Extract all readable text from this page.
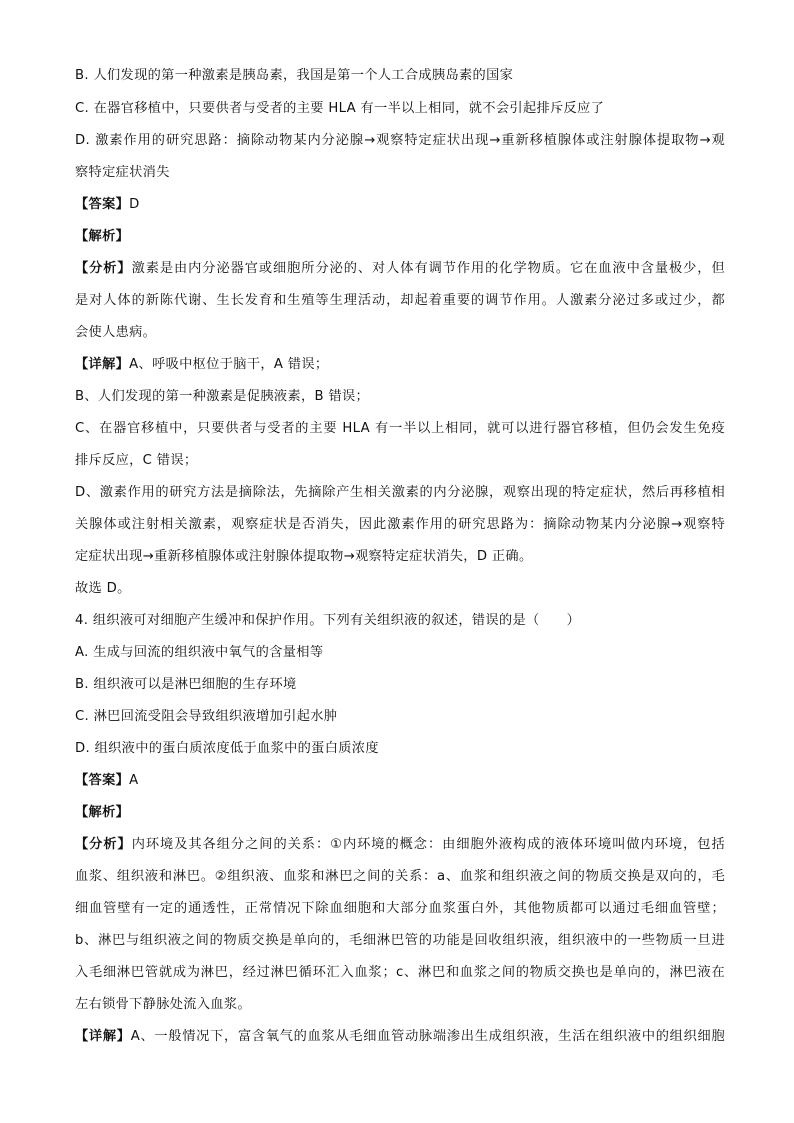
B. 人们发现的第一种激素是胰岛素，我国是第一个人工合成胰岛素的国家
C. 在器官移植中，只要供者与受者的主要 HLA 有一半以上相同，就不会引起排斥反应了
D. 激素作用的研究思路：摘除动物某内分泌腺→观察特定症状出现→重新移植腺体或注射腺体提取物→观
察特定症状消失
【答案】D
【解析】
【分析】激素是由内分泌器官或细胞所分泌的、对人体有调节作用的化学物质。它在血液中含量极少，但
是对人体的新陈代谢、生长发育和生殖等生理活动，却起着重要的调节作用。人激素分泌过多或过少，都
会使人患病。
【详解】A、呼吸中枢位于脑干，A 错误；
B、人们发现的第一种激素是促胰液素，B 错误；
C、在器官移植中，只要供者与受者的主要 HLA 有一半以上相同，就可以进行器官移植，但仍会发生免疫
排斥反应，C 错误；
D、激素作用的研究方法是摘除法，先摘除产生相关激素的内分泌腺，观察出现的特定症状，然后再移植相
关腺体或注射相关激素，观察症状是否消失，因此激素作用的研究思路为：摘除动物某内分泌腺→观察特
定症状出现→重新移植腺体或注射腺体提取物→观察特定症状消失，D 正确。
故选 D。
4. 组织液可对细胞产生缓冲和保护作用。下列有关组织液的叙述，错误的是（　　）
A. 生成与回流的组织液中氧气的含量相等
B. 组织液可以是淋巴细胞的生存环境
C. 淋巴回流受阻会导致组织液增加引起水肿
D. 组织液中的蛋白质浓度低于血浆中的蛋白质浓度
【答案】A
【解析】
【分析】内环境及其各组分之间的关系：①内环境的概念：由细胞外液构成的液体环境叫做内环境，包括
血浆、组织液和淋巴。②组织液、血浆和淋巴之间的关系：a、血浆和组织液之间的物质交换是双向的，毛
细血管壁有一定的通透性，正常情况下除血细胞和大部分血浆蛋白外，其他物质都可以通过毛细血管壁；
b、淋巴与组织液之间的物质交换是单向的，毛细淋巴管的功能是回收组织液，组织液中的一些物质一旦进
入毛细淋巴管就成为淋巴，经过淋巴循环汇入血浆；c、淋巴和血浆之间的物质交换也是单向的，淋巴液在
左右锁骨下静脉处流入血浆。
【详解】A、一般情况下，富含氧气的血浆从毛细血管动脉端渗出生成组织液，生活在组织液中的组织细胞
